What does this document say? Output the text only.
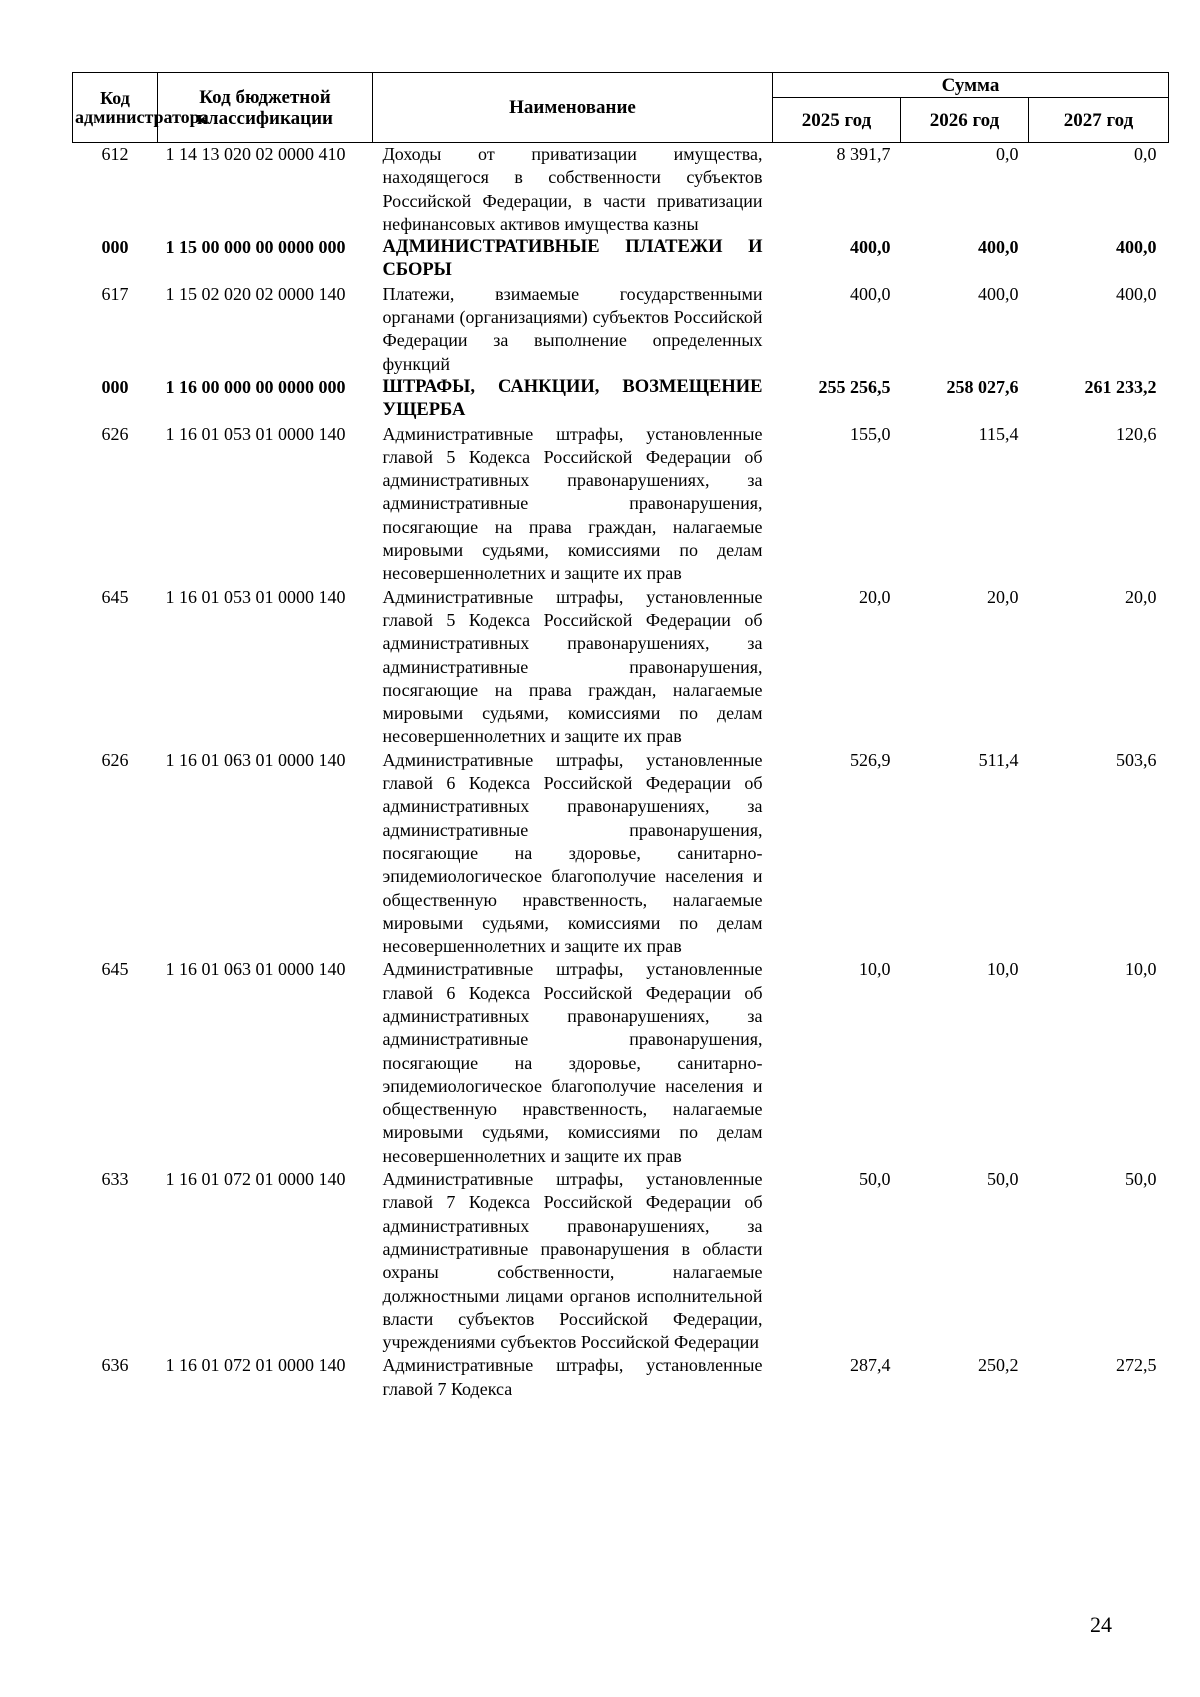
Код администратора	Код бюджетной классификации	Наименование	Сумма		
			2025 год	2026 год	2027 год
612	1 14 13 020 02 0000 410	Доходы от приватизации имущества, находящегося в собственности субъектов Российской Федерации, в части приватизации нефинансовых активов имущества казны	8 391,7	0,0	0,0
000	1 15 00 000 00 0000 000	АДМИНИСТРАТИВНЫЕ ПЛАТЕЖИ И СБОРЫ	400,0	400,0	400,0
617	1 15 02 020 02 0000 140	Платежи, взимаемые государственными органами (организациями) субъектов Российской Федерации за выполнение определенных функций	400,0	400,0	400,0
000	1 16 00 000 00 0000 000	ШТРАФЫ, САНКЦИИ, ВОЗМЕЩЕНИЕ УЩЕРБА	255 256,5	258 027,6	261 233,2
626	1 16 01 053 01 0000 140	Административные штрафы, установленные главой 5 Кодекса Российской Федерации об административных правонарушениях, за административные правонарушения, посягающие на права граждан, налагаемые мировыми судьями, комиссиями по делам несовершеннолетних и защите их прав	155,0	115,4	120,6
645	1 16 01 053 01 0000 140	Административные штрафы, установленные главой 5 Кодекса Российской Федерации об административных правонарушениях, за административные правонарушения, посягающие на права граждан, налагаемые мировыми судьями, комиссиями по делам несовершеннолетних и защите их прав	20,0	20,0	20,0
626	1 16 01 063 01 0000 140	Административные штрафы, установленные главой 6 Кодекса Российской Федерации об административных правонарушениях, за административные правонарушения, посягающие на здоровье, санитарно-эпидемиологическое благополучие населения и общественную нравственность, налагаемые мировыми судьями, комиссиями по делам несовершеннолетних и защите их прав	526,9	511,4	503,6
645	1 16 01 063 01 0000 140	Административные штрафы, установленные главой 6 Кодекса Российской Федерации об административных правонарушениях, за административные правонарушения, посягающие на здоровье, санитарно-эпидемиологическое благополучие населения и общественную нравственность, налагаемые мировыми судьями, комиссиями по делам несовершеннолетних и защите их прав	10,0	10,0	10,0
633	1 16 01 072 01 0000 140	Административные штрафы, установленные главой 7 Кодекса Российской Федерации об административных правонарушениях, за административные правонарушения в области охраны собственности, налагаемые должностными лицами органов исполнительной власти субъектов Российской Федерации, учреждениями субъектов Российской Федерации	50,0	50,0	50,0
636	1 16 01 072 01 0000 140	Административные штрафы, установленные главой 7 Кодекса	287,4	250,2	272,5
24
